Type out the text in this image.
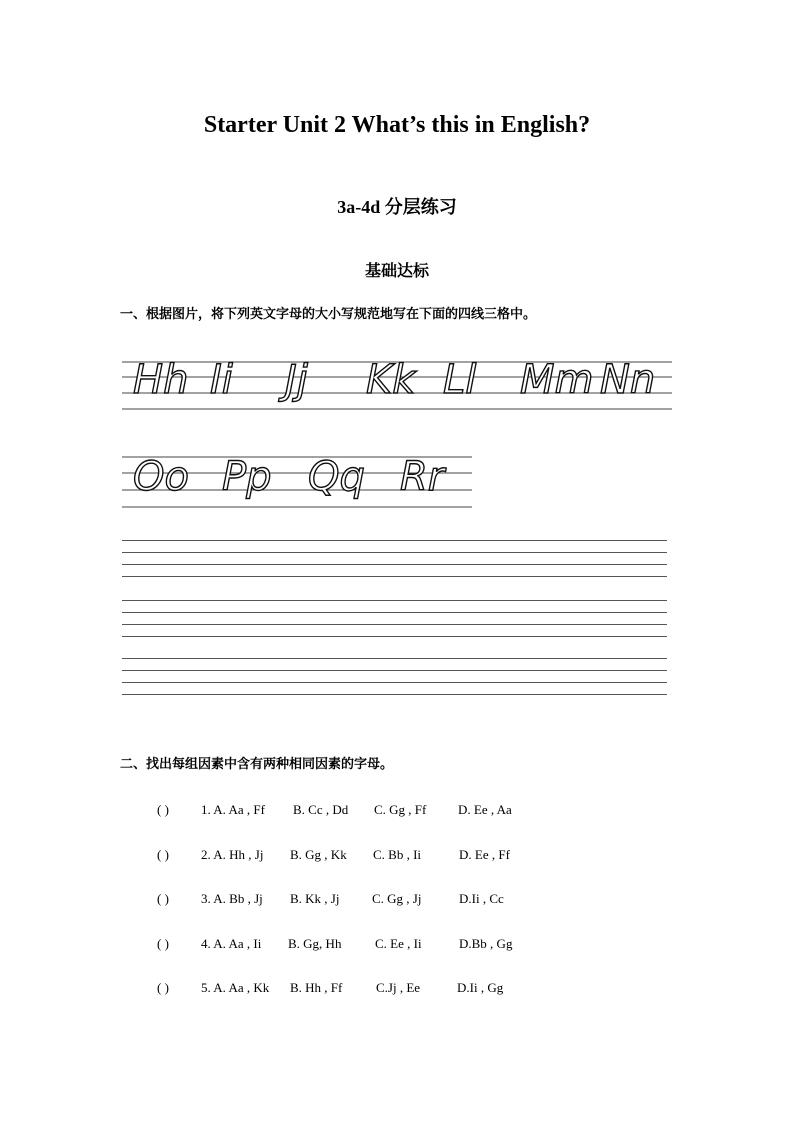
Starter Unit 2 What’s this in English?
3a-4d 分层练习
基础达标
一、根据图片，将下列英文字母的大小写规范地写在下面的四线三格中。
Hh Ii Jj Kk Ll Mm Nn
Oo Pp Qq Rr
二、找出每组因素中含有两种相同因素的字母。
( ) 1. A. Aa , Ff B. Cc , Dd C. Gg , Ff D. Ee , Aa
( ) 2. A. Hh , Jj B. Gg , Kk C. Bb , Ii	D. Ee , Ff
( ) 3. A. Bb , Jj B. Kk , Jj	C. Gg , Jj	D.Ii , Cc
( ) 4. A. Aa , Ii B. Gg, Hh	C. Ee , Ii	D.Bb , Gg
( ) 5. A. Aa , Kk B. Hh , Ff	C.Jj , Ee	D.Ii , Gg
